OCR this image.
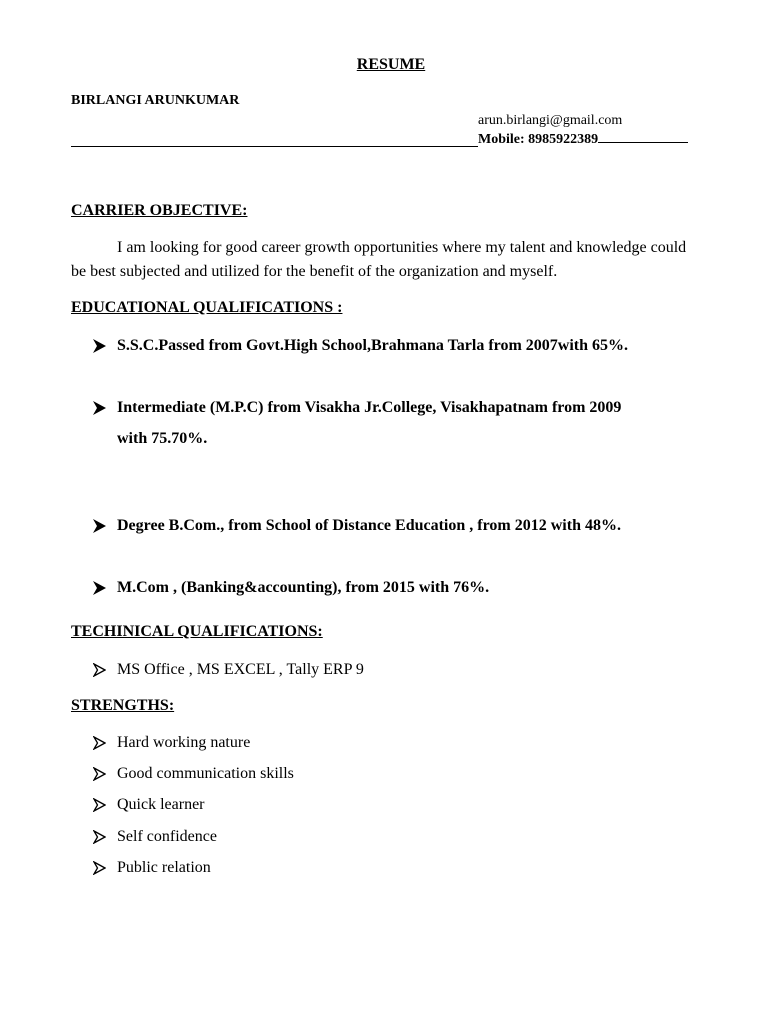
RESUME
BIRLANGI ARUNKUMAR
arun.birlangi@gmail.com
Mobile: 8985922389
CARRIER OBJECTIVE:
I am looking for good career growth opportunities where my talent and knowledge could be best subjected and utilized for the benefit of the organization and myself.
EDUCATIONAL QUALIFICATIONS :
S.S.C.Passed from Govt.High School,Brahmana Tarla from 2007with 65%.
Intermediate (M.P.C) from Visakha Jr.College, Visakhapatnam from 2009
with 75.70%.
Degree B.Com., from School of Distance Education , from 2012 with 48%.
M.Com , (Banking&accounting), from 2015 with 76%.
TECHINICAL QUALIFICATIONS:
MS Office , MS EXCEL , Tally ERP 9
STRENGTHS:
Hard working nature
Good communication skills
Quick learner
Self confidence
Public relation
